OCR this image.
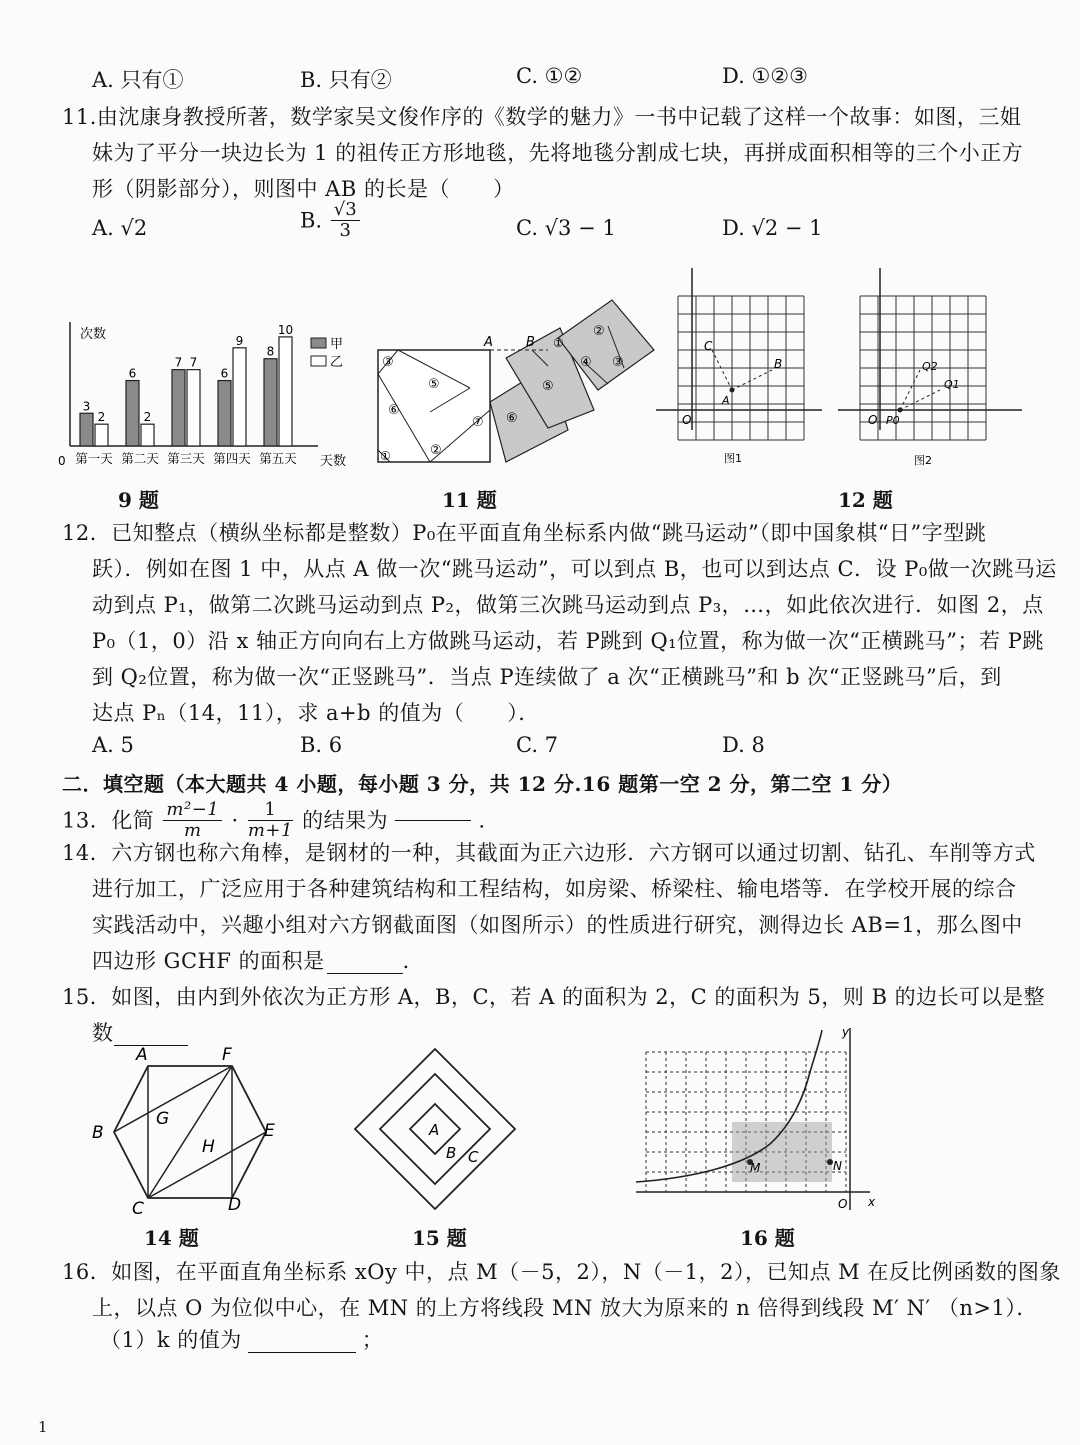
A. 只有①	B. 只有②	C. ①②	D. ①②③
11.由沈康身教授所著，数学家吴文俊作序的《数学的魅力》一书中记载了这样一个故事：如图，三姐
妹为了平分一块边长为 1 的祖传正方形地毯，先将地毯分割成七块，再拼成面积相等的三个小正方
形（阴影部分），则图中 AB 的长是（　　）
A. √2	B. $\frac{√3}{3}$	C. √3 − 1	D. √2 − 1
3
2
第一天
6
2
第二天
7 7
第三天
6
9
第四天
8
10
第五天
次数
天数
0
甲
乙
9 题
A	B ①
①
②
②
③	③
④
⑤	⑤
⑥
⑥
⑦
11 题
C
B
A
O
图1
Q1
Q2
P0
O
图2
12 题
12．已知整点（横纵坐标都是整数）P₀在平面直角坐标系内做“跳马运动”（即中国象棋“日”字型跳
跃）．例如在图 1 中，从点 A 做一次“跳马运动”，可以到点 B，也可以到达点 C．设 P₀做一次跳马运
动到点 P₁，做第二次跳马运动到点 P₂，做第三次跳马运动到点 P₃，…，如此依次进行．如图 2，点
P₀（1，0）沿 x 轴正方向向右上方做跳马运动，若 P跳到 Q₁位置，称为做一次“正横跳马”；若 P跳
到 Q₂位置，称为做一次“正竖跳马”．当点 P连续做了 a 次“正横跳马”和 b 次“正竖跳马”后，到
达点 Pₙ（14，11），求 a+b 的值为（　　）．
A. 5	B. 6	C. 7	D. 8
二．填空题（本大题共 4 小题，每小题 3 分，共 12 分.16 题第一空 2 分，第二空 1 分）
13．化简 $\frac{\text{m²−1}}{m} \cdot \frac{1}{m+1}$ 的结果为	．
14．六方钢也称六角棒，是钢材的一种，其截面为正六边形．六方钢可以通过切割、钻孔、车削等方式
进行加工，广泛应用于各种建筑结构和工程结构，如房梁、桥梁柱、输电塔等．在学校开展的综合
实践活动中，兴趣小组对六方钢截面图（如图所示）的性质进行研究，测得边长 AB=1，那么图中
四边形 GCHF 的面积是	．
15．如图，由内到外依次为正方形 A，B，C，若 A 的面积为 2，C 的面积为 5，则 B 的边长可以是整
数
A	F
B
G
H
E
C	D
14 题
A
B C
15 题
M	N
y
x
O
16 题
16．如图，在平面直角坐标系 xOy 中，点 M（－5，2），N（－1，2），已知点 M 在反比例函数的图象
上，以点 O 为位似中心，在 MN 的上方将线段 MN 放大为原来的 n 倍得到线段 M′ N′ （n>1）．
（1）k 的值为	；
1
